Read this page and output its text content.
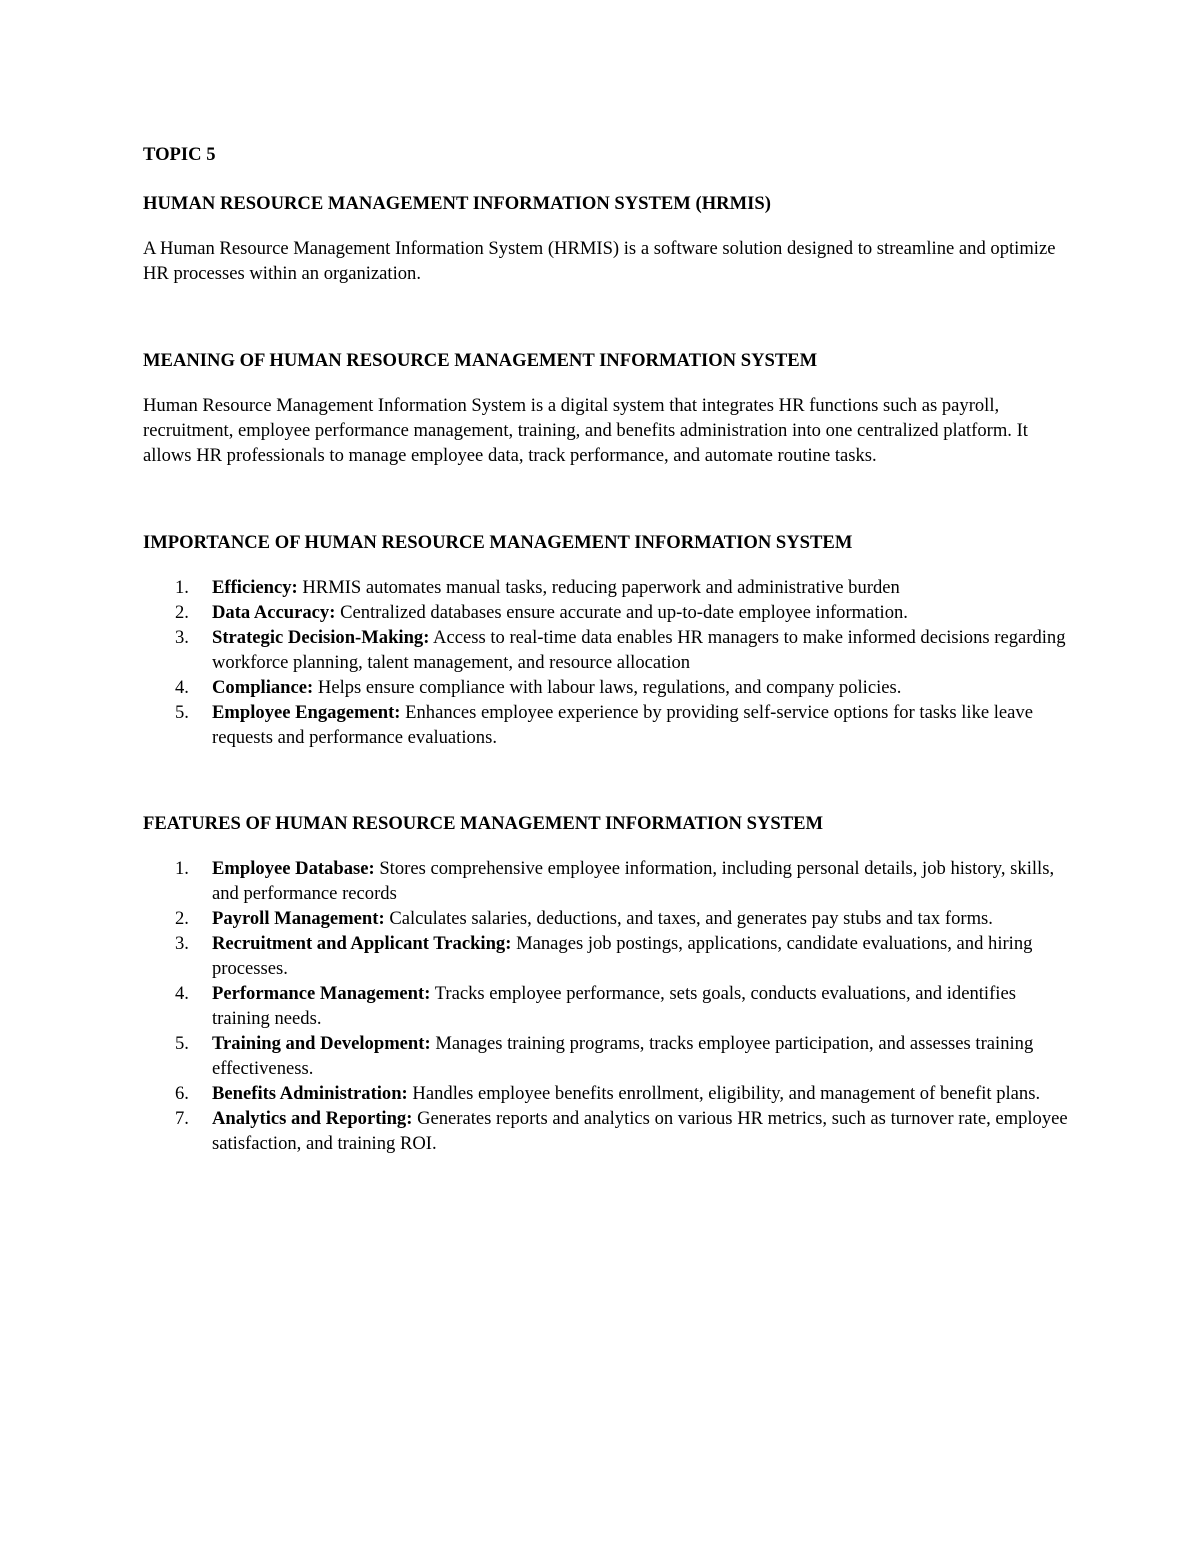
TOPIC 5

HUMAN RESOURCE MANAGEMENT INFORMATION SYSTEM (HRMIS)

A Human Resource Management Information System (HRMIS) is a software solution designed to streamline and optimize HR processes within an organization.

MEANING OF HUMAN RESOURCE MANAGEMENT INFORMATION SYSTEM

Human Resource Management Information System is a digital system that integrates HR functions such as payroll, recruitment, employee performance management, training, and benefits administration into one centralized platform. It allows HR professionals to manage employee data, track performance, and automate routine tasks.

IMPORTANCE OF HUMAN RESOURCE MANAGEMENT INFORMATION SYSTEM

1. Efficiency: HRMIS automates manual tasks, reducing paperwork and administrative burden
2. Data Accuracy: Centralized databases ensure accurate and up-to-date employee information.
3. Strategic Decision-Making: Access to real-time data enables HR managers to make informed decisions regarding workforce planning, talent management, and resource allocation
4. Compliance: Helps ensure compliance with labour laws, regulations, and company policies.
5. Employee Engagement: Enhances employee experience by providing self-service options for tasks like leave requests and performance evaluations.

FEATURES OF HUMAN RESOURCE MANAGEMENT INFORMATION SYSTEM

1. Employee Database: Stores comprehensive employee information, including personal details, job history, skills, and performance records
2. Payroll Management: Calculates salaries, deductions, and taxes, and generates pay stubs and tax forms.
3. Recruitment and Applicant Tracking: Manages job postings, applications, candidate evaluations, and hiring processes.
4. Performance Management: Tracks employee performance, sets goals, conducts evaluations, and identifies training needs.
5. Training and Development: Manages training programs, tracks employee participation, and assesses training effectiveness.
6. Benefits Administration: Handles employee benefits enrollment, eligibility, and management of benefit plans.
7. Analytics and Reporting: Generates reports and analytics on various HR metrics, such as turnover rate, employee satisfaction, and training ROI.
